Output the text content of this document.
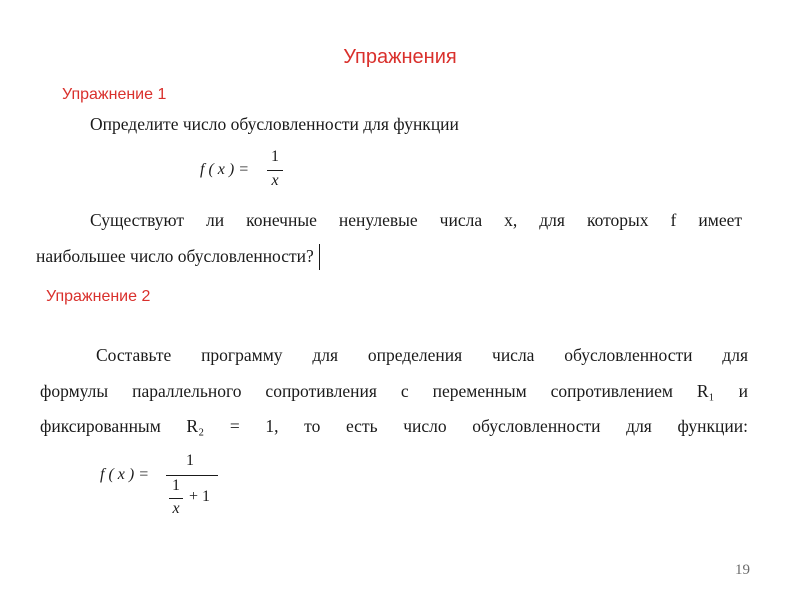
Упражнения
Упражнение 1
Определите число обусловленности для функции
f ( x ) =
1
x
Существуют ли конечные ненулевые числа x, для которых f имеет
наибольшее число обусловленности?
Упражнение 2
Составьте программу для определения числа обусловленности для
формулы параллельного сопротивления с переменным сопротивлением R₁ и
фиксированным R₂ = 1, то есть число обусловленности для функции:
f ( x ) =
1
1
x
+ 1
19
